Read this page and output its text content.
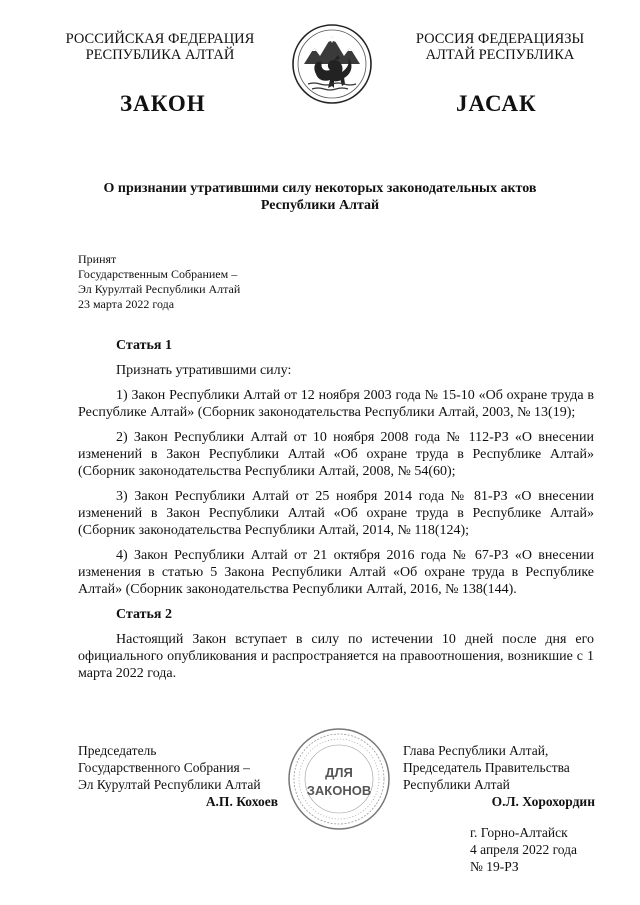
РОССИЙСКАЯ ФЕДЕРАЦИЯ
РЕСПУБЛИКА АЛТАЙ
РОССИЯ ФЕДЕРАЦИЯЗЫ
АЛТАЙ РЕСПУБЛИКА
ЗАКОН	ЈАСАК
О признании утратившими силу некоторых законодательных актов
Республики Алтай
Принят
Государственным Собранием –
Эл Курултай Республики Алтай
23 марта 2022 года

Статья 1

Признать утратившими силу:

1) Закон Республики Алтай от 12 ноября 2003 года № 15-10 «Об охране труда в Республике Алтай» (Сборник законодательства Республики Алтай, 2003, № 13(19);

2) Закон Республики Алтай от 10 ноября 2008 года № 112-РЗ «О внесении изменений в Закон Республики Алтай «Об охране труда в Республике Алтай» (Сборник законодательства Республики Алтай, 2008, № 54(60);

3) Закон Республики Алтай от 25 ноября 2014 года № 81-РЗ «О внесении изменений в Закон Республики Алтай «Об охране труда в Республике Алтай» (Сборник законодательства Республики Алтай, 2014, № 118(124);

4) Закон Республики Алтай от 21 октября 2016 года № 67-РЗ «О внесении изменения в статью 5 Закона Республики Алтай «Об охране труда в Республике Алтай» (Сборник законодательства Республики Алтай, 2016, № 138(144).

Статья 2

Настоящий Закон вступает в силу по истечении 10 дней после дня его официального опубликования и распространяется на правоотношения, возникшие с 1 марта 2022 года.

Председатель
Государственного Собрания –
Эл Курултай Республики Алтай
А.П. Кохоев
ДЛЯ
ЗАКОНОВ
Глава Республики Алтай,
Председатель Правительства
Республики Алтай
О.Л. Хорохордин
г. Горно-Алтайск
4 апреля 2022 года
№ 19-РЗ
